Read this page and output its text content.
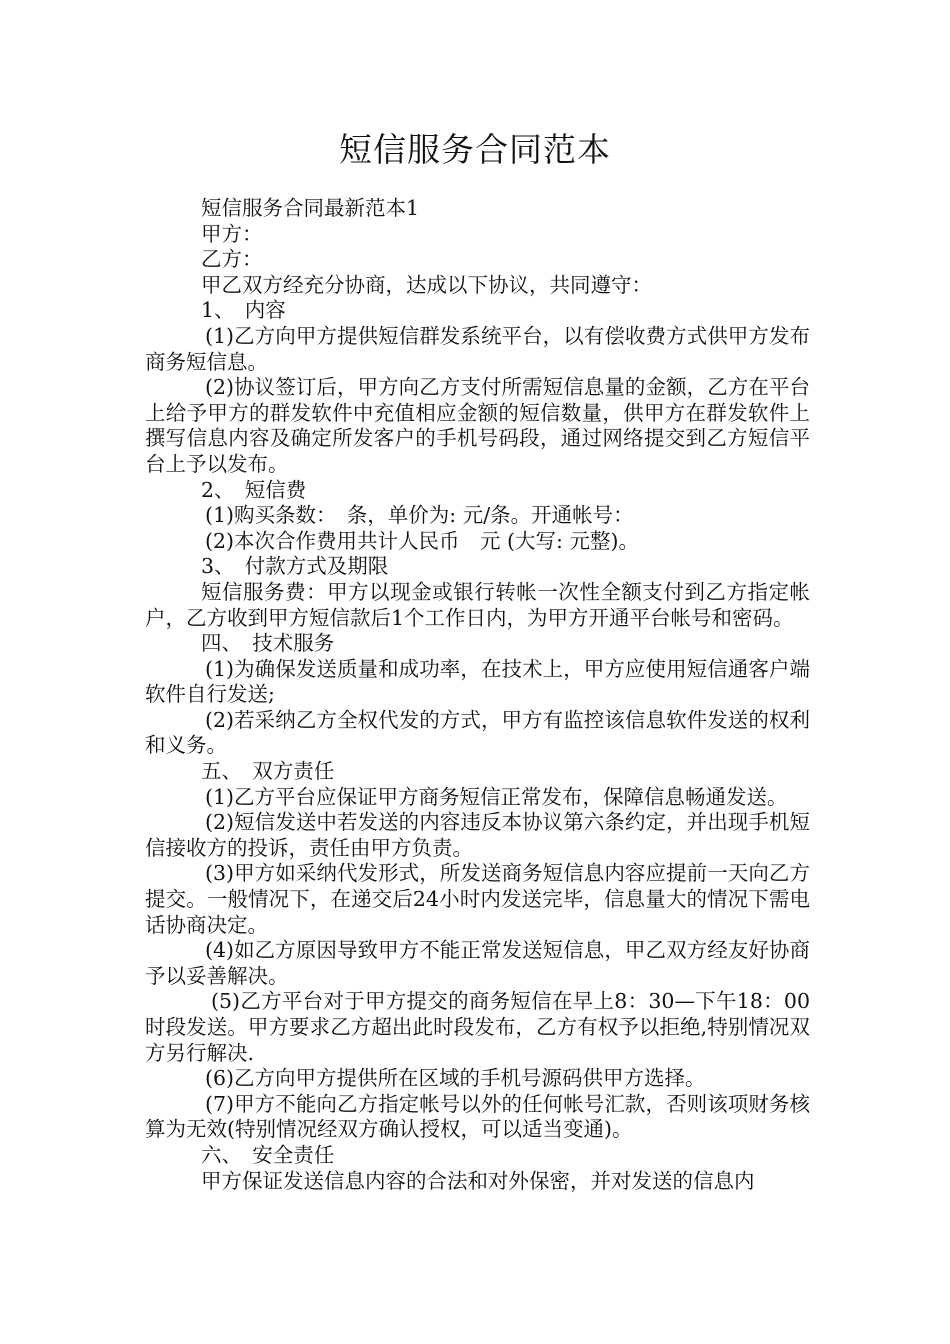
短信服务合同范本

短信服务合同最新范本1

甲方：

乙方：

甲乙双方经充分协商，达成以下协议，共同遵守：

1、　内容

(1)乙方向甲方提供短信群发系统平台，以有偿收费方式供甲方发布商务短信息。

(2)协议签订后，甲方向乙方支付所需短信息量的金额，乙方在平台上给予甲方的群发软件中充值相应金额的短信数量，供甲方在群发软件上撰写信息内容及确定所发客户的手机号码段，通过网络提交到乙方短信平台上予以发布。

2、　短信费

(1)购买条数：　条，单价为: 元/条。开通帐号：

(2)本次合作费用共计人民币　元 (大写: 元整)。

3、　付款方式及期限

短信服务费：甲方以现金或银行转帐一次性全额支付到乙方指定帐户，乙方收到甲方短信款后1个工作日内，为甲方开通平台帐号和密码。

四、　技术服务

(1)为确保发送质量和成功率，在技术上，甲方应使用短信通客户端软件自行发送;

(2)若采纳乙方全权代发的方式，甲方有监控该信息软件发送的权利和义务。

五、　双方责任

(1)乙方平台应保证甲方商务短信正常发布，保障信息畅通发送。

(2)短信发送中若发送的内容违反本协议第六条约定，并出现手机短信接收方的投诉，责任由甲方负责。

(3)甲方如采纳代发形式，所发送商务短信息内容应提前一天向乙方提交。一般情况下，在递交后24小时内发送完毕，信息量大的情况下需电话协商决定。

(4)如乙方原因导致甲方不能正常发送短信息，甲乙双方经友好协商予以妥善解决。

(5)乙方平台对于甲方提交的商务短信在早上8：30—下午18：00时段发送。甲方要求乙方超出此时段发布，乙方有权予以拒绝,特别情况双方另行解决.

(6)乙方向甲方提供所在区域的手机号源码供甲方选择。

(7)甲方不能向乙方指定帐号以外的任何帐号汇款，否则该项财务核算为无效(特别情况经双方确认授权，可以适当变通)。

六、　安全责任

甲方保证发送信息内容的合法和对外保密，并对发送的信息内
